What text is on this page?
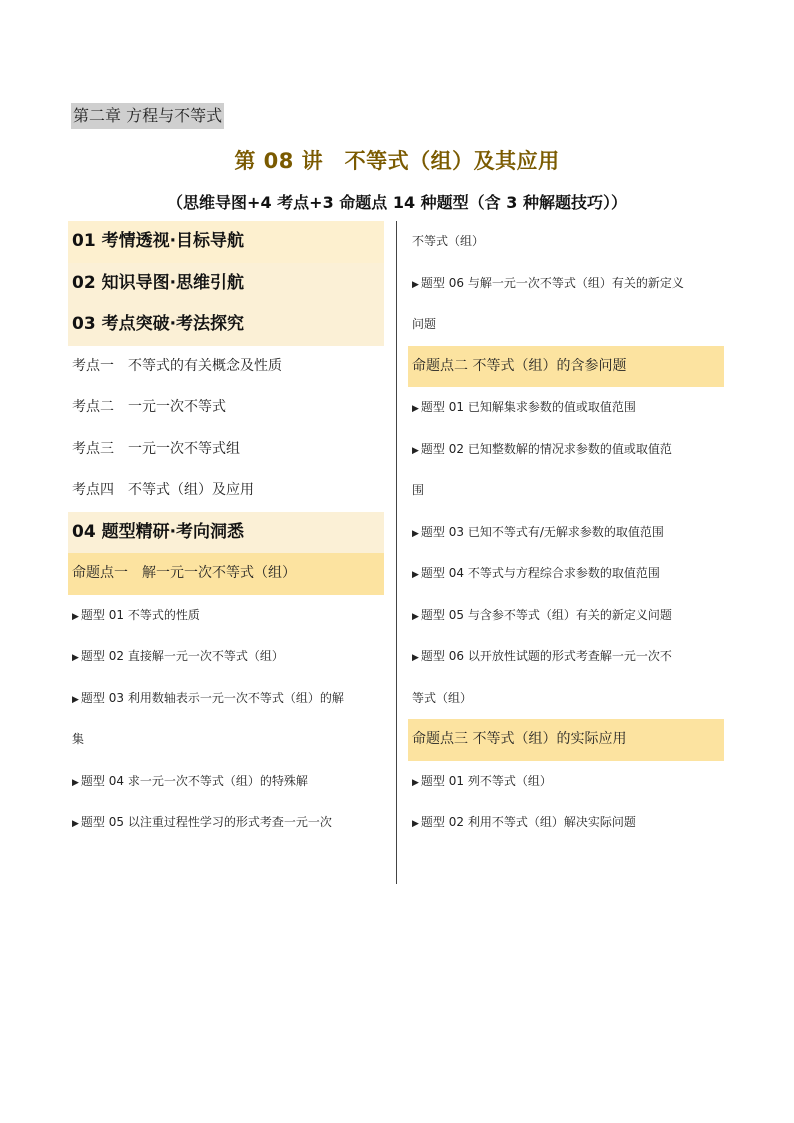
第二章 方程与不等式
第 08 讲　不等式（组）及其应用
（思维导图+4 考点+3 命题点 14 种题型（含 3 种解题技巧））
01 考情透视·目标导航
02 知识导图·思维引航
03 考点突破·考法探究
考点一　不等式的有关概念及性质
考点二　一元一次不等式
考点三　一元一次不等式组
考点四　不等式（组）及应用
04 题型精研·考向洞悉
命题点一　解一元一次不等式（组）
▶ 题型 01 不等式的性质
▶ 题型 02 直接解一元一次不等式（组）
▶ 题型 03 利用数轴表示一元一次不等式（组）的解
集
▶ 题型 04 求一元一次不等式（组）的特殊解
▶ 题型 05 以注重过程性学习的形式考查一元一次
不等式（组）
▶ 题型 06 与解一元一次不等式（组）有关的新定义
问题
命题点二 不等式（组）的含参问题
▶ 题型 01 已知解集求参数的值或取值范围
▶ 题型 02 已知整数解的情况求参数的值或取值范
围
▶ 题型 03 已知不等式有/无解求参数的取值范围
▶ 题型 04 不等式与方程综合求参数的取值范围
▶ 题型 05 与含参不等式（组）有关的新定义问题
▶ 题型 06 以开放性试题的形式考查解一元一次不
等式（组）
命题点三 不等式（组）的实际应用
▶ 题型 01 列不等式（组）
▶ 题型 02 利用不等式（组）解决实际问题
